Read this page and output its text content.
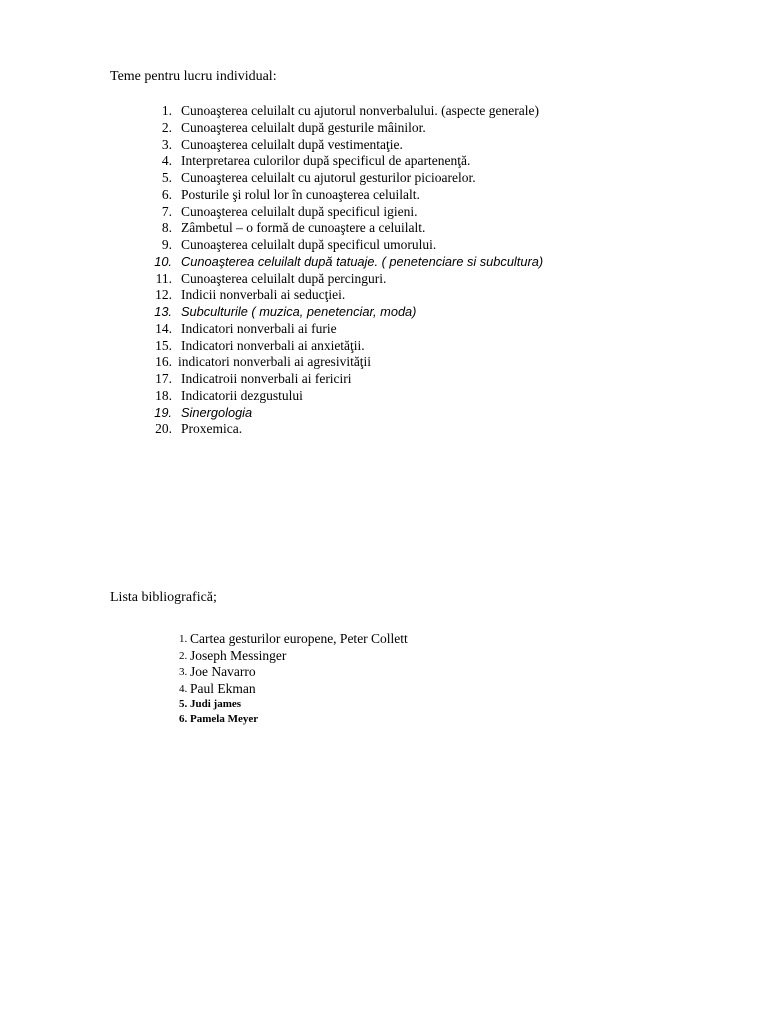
Teme pentru lucru individual:
1. Cunoaşterea celuilalt cu ajutorul nonverbalului. (aspecte generale)
2. Cunoaşterea celuilalt după gesturile mâinilor.
3. Cunoaşterea celuilalt după vestimentaţie.
4. Interpretarea culorilor după specificul de apartenenţă.
5. Cunoaşterea celuilalt cu ajutorul gesturilor picioarelor.
6. Posturile şi rolul lor în cunoaşterea celuilalt.
7. Cunoaşterea celuilalt după specificul igieni.
8. Zâmbetul – o formă de cunoaştere a celuilalt.
9. Cunoaşterea celuilalt după specificul umorului.
10. Cunoaşterea celuilalt după tatuaje. ( penetenciare si subcultura)
11. Cunoaşterea celuilalt după percinguri.
12. Indicii nonverbali ai seducţiei.
13. Subculturile ( muzica, penetenciar, moda)
14. Indicatori nonverbali ai furie
15. Indicatori nonverbali ai anxietăţii.
16. indicatori nonverbali ai agresivităţii
17. Indicatroii nonverbali ai fericiri
18. Indicatorii dezgustului
19. Sinergologia
20. Proxemica.
Lista bibliografică;
1. Cartea gesturilor europene, Peter Collett
2. Joseph Messinger
3. Joe Navarro
4. Paul Ekman
5. Judi james
6. Pamela Meyer
